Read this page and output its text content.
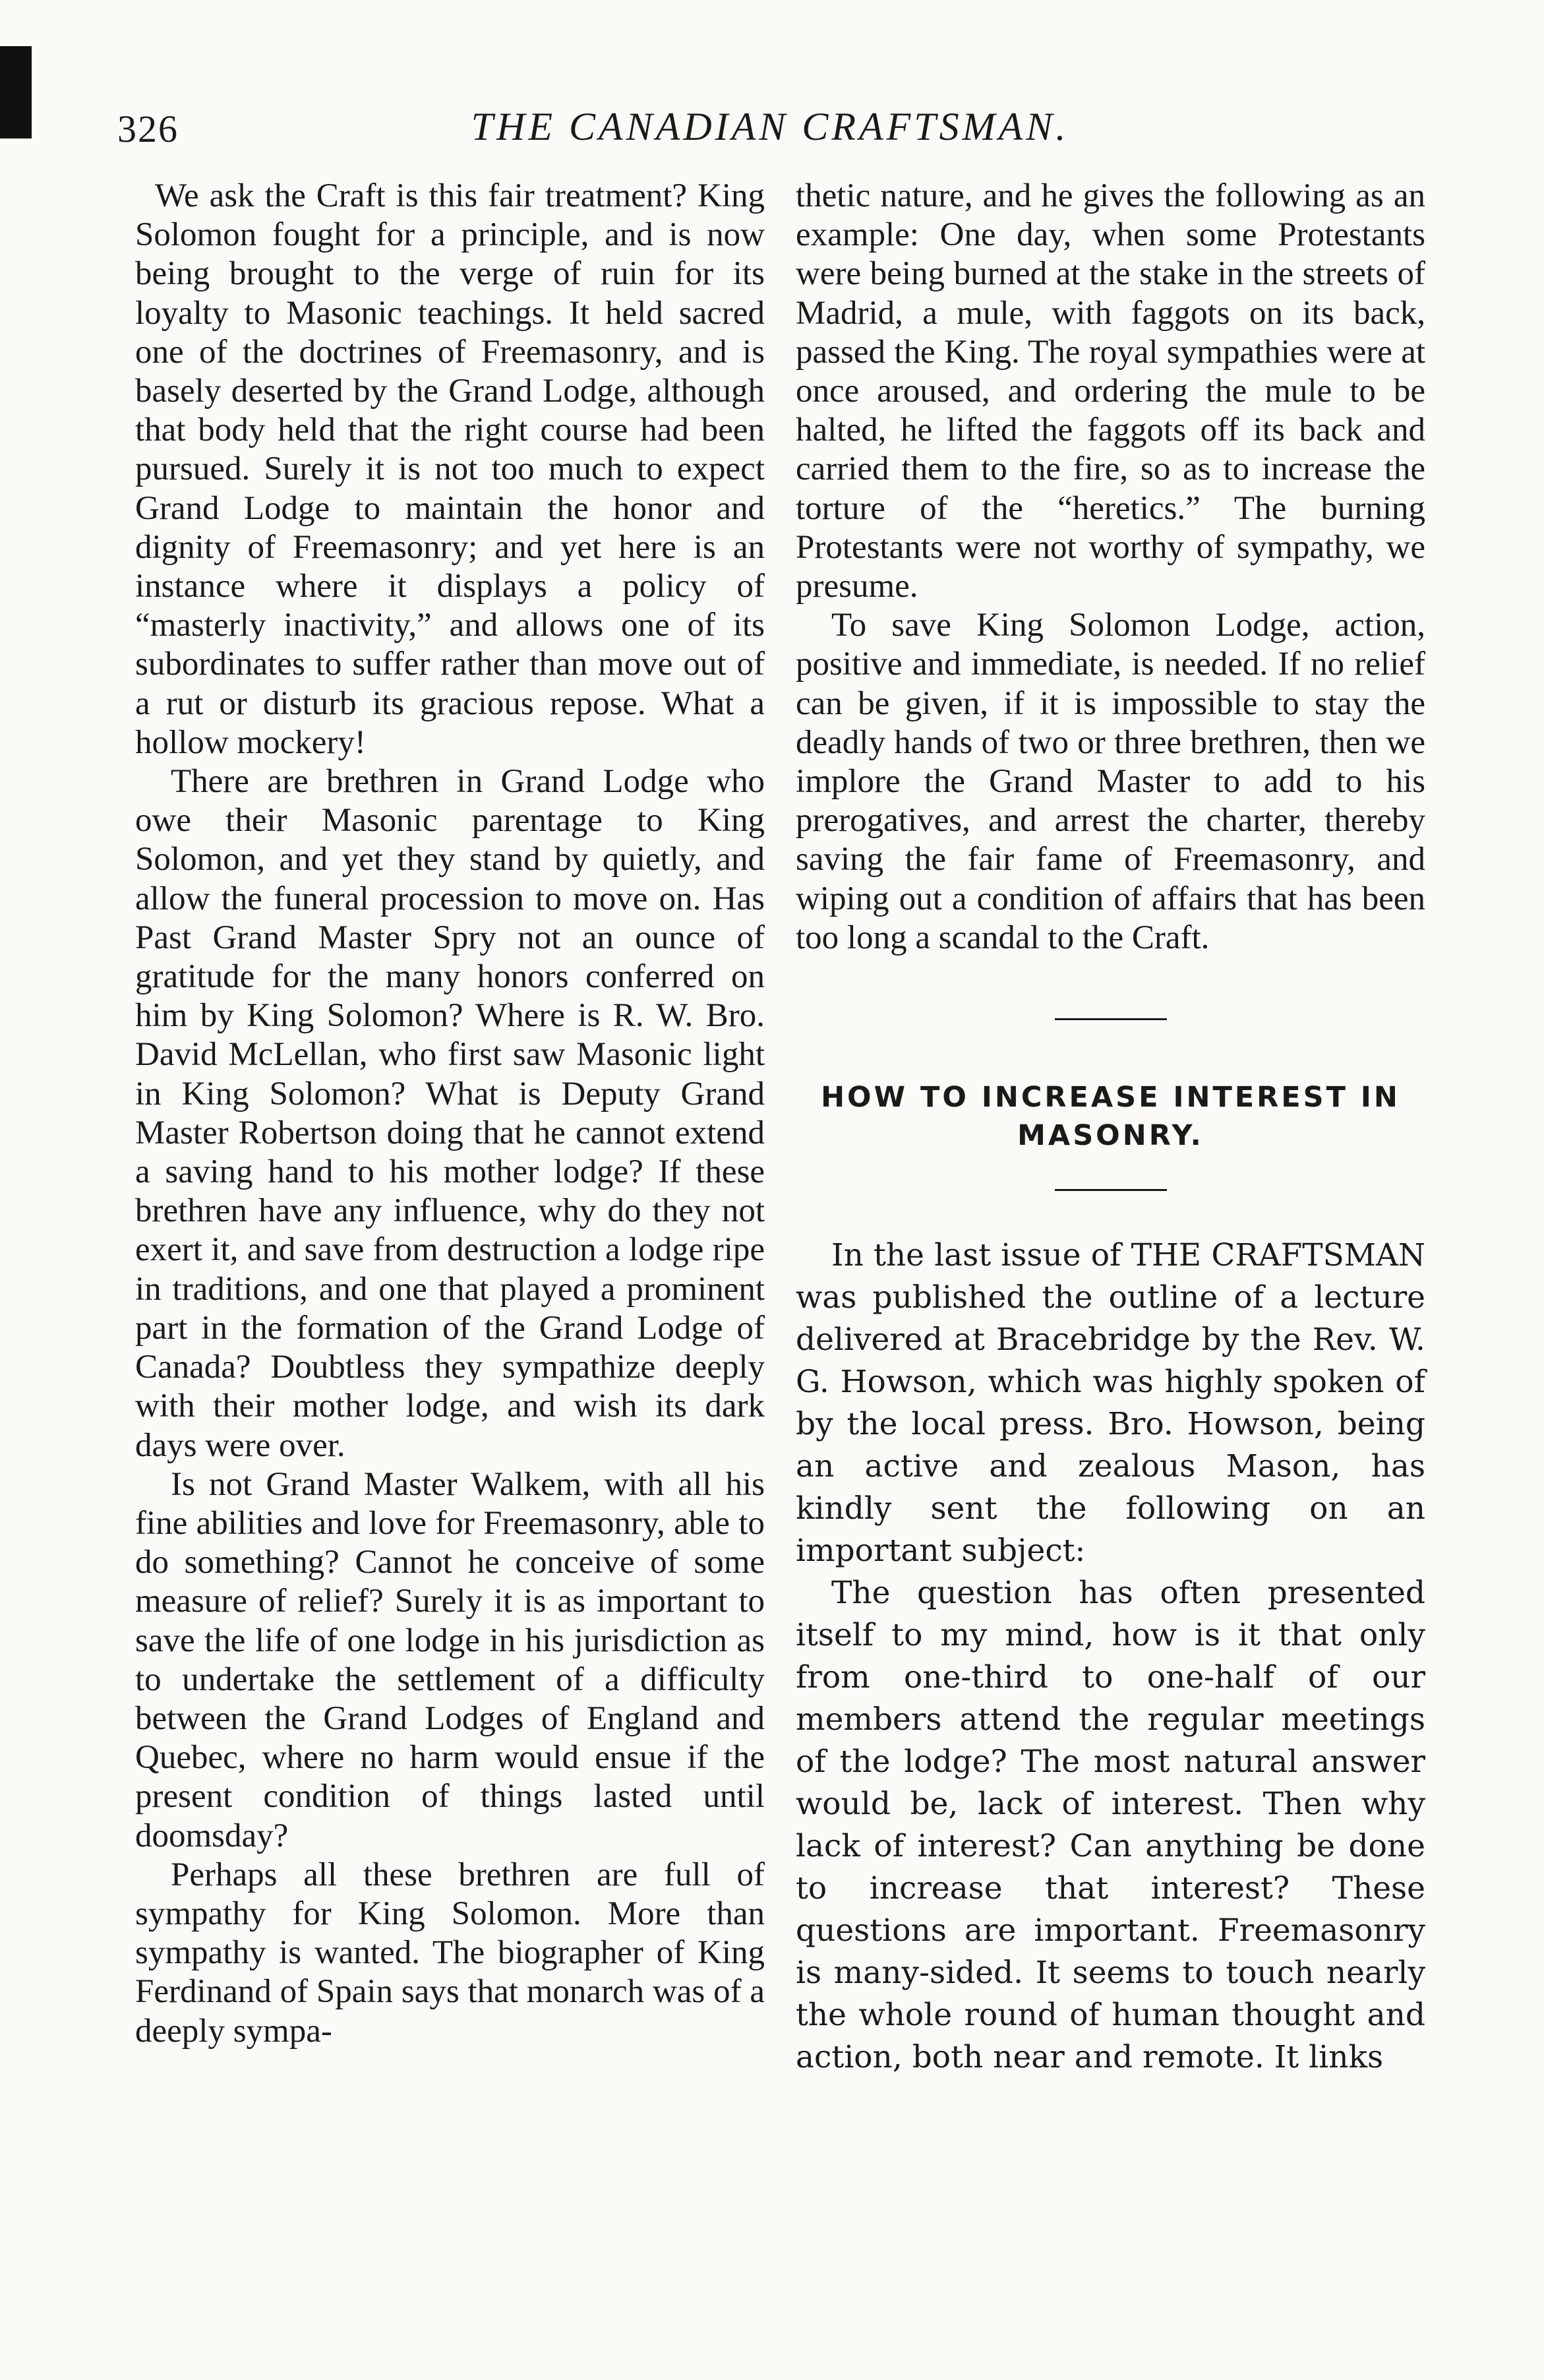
326	THE CANADIAN CRAFTSMAN.

We ask the Craft is this fair treatment? King Solomon fought for a principle, and is now being brought to the verge of ruin for its loyalty to Masonic teachings. It held sacred one of the doctrines of Freemasonry, and is basely deserted by the Grand Lodge, although that body held that the right course had been pursued. Surely it is not too much to expect Grand Lodge to maintain the honor and dignity of Freemasonry; and yet here is an instance where it displays a policy of “masterly inactivity,” and allows one of its subordinates to suffer rather than move out of a rut or disturb its gracious repose. What a hollow mockery!

There are brethren in Grand Lodge who owe their Masonic parentage to King Solomon, and yet they stand by quietly, and allow the funeral procession to move on. Has Past Grand Master Spry not an ounce of gratitude for the many honors conferred on him by King Solomon? Where is R. W. Bro. David McLellan, who first saw Masonic light in King Solomon? What is Deputy Grand Master Robertson doing that he cannot extend a saving hand to his mother lodge? If these brethren have any influence, why do they not exert it, and save from destruction a lodge ripe in traditions, and one that played a prominent part in the formation of the Grand Lodge of Canada? Doubtless they sympathize deeply with their mother lodge, and wish its dark days were over.

Is not Grand Master Walkem, with all his fine abilities and love for Freemasonry, able to do something? Cannot he conceive of some measure of relief? Surely it is as important to save the life of one lodge in his jurisdiction as to undertake the settlement of a difficulty between the Grand Lodges of England and Quebec, where no harm would ensue if the present condition of things lasted until doomsday?

Perhaps all these brethren are full of sympathy for King Solomon. More than sympathy is wanted. The biographer of King Ferdinand of Spain says that monarch was of a deeply sympa-

thetic nature, and he gives the following as an example: One day, when some Protestants were being burned at the stake in the streets of Madrid, a mule, with faggots on its back, passed the King. The royal sympathies were at once aroused, and ordering the mule to be halted, he lifted the faggots off its back and carried them to the fire, so as to increase the torture of the “heretics.” The burning Protestants were not worthy of sympathy, we presume.

To save King Solomon Lodge, action, positive and immediate, is needed. If no relief can be given, if it is impossible to stay the deadly hands of two or three brethren, then we implore the Grand Master to add to his prerogatives, and arrest the charter, thereby saving the fair fame of Freemasonry, and wiping out a condition of affairs that has been too long a scandal to the Craft.

HOW TO INCREASE INTEREST IN MASONRY.

In the last issue of THE CRAFTSMAN was published the outline of a lecture delivered at Bracebridge by the Rev. W. G. Howson, which was highly spoken of by the local press. Bro. Howson, being an active and zealous Mason, has kindly sent the following on an important subject:

The question has often presented itself to my mind, how is it that only from one-third to one-half of our members attend the regular meetings of the lodge? The most natural answer would be, lack of interest. Then why lack of interest? Can anything be done to increase that interest? These questions are important. Freemasonry is many-sided. It seems to touch nearly the whole round of human thought and action, both near and remote. It links
